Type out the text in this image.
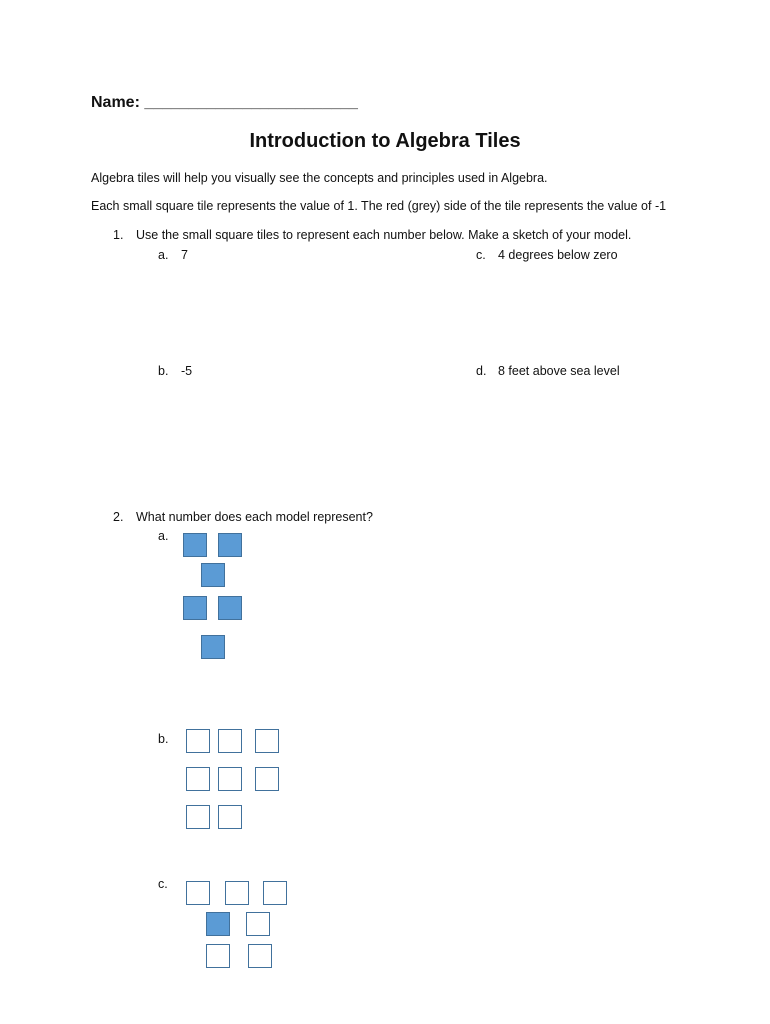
Name: ________________________
Introduction to Algebra Tiles
Algebra tiles will help you visually see the concepts and principles used in Algebra.
Each small square tile represents the value of 1. The red (grey) side of the tile represents the value of -1
1. Use the small square tiles to represent each number below. Make a sketch of your model.
a. 7	c. 4 degrees below zero
b. -5	d. 8 feet above sea level
2. What number does each model represent?
a.
b.
c.
